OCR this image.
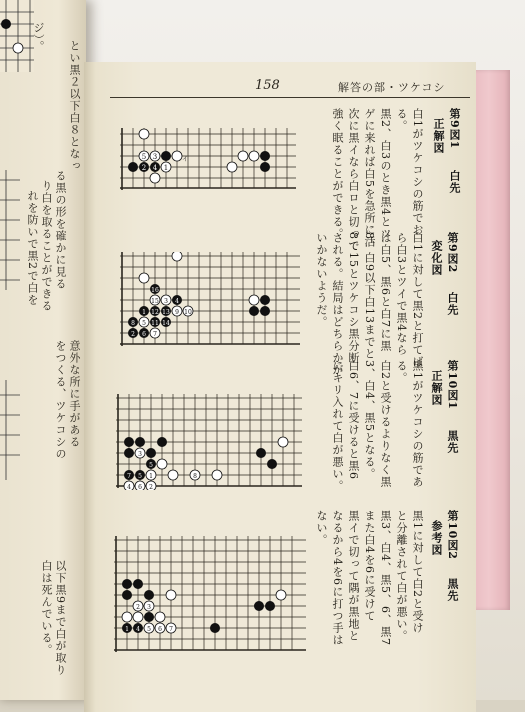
ジ）。
とい黒２以下白８となっ
意外な所に手がある
をつくる、ツケコシの
り白を取ることができる る黒の形を確かに見る
れを防いで黒2で白を
白は死んでいる。 以下黒9まで白が取り
158	解答の部・ツケコシ
5 3
1
4
2
イ
16
15 3 4
1 12 13 9 10
8 5 11 14
2 6 7
3
5
7 5 1
6
4	2
8
2 3
1 4 5 6 7
第9図1
白先
正解図
白1がツケコシの筋でお
る。
黒2、白3のとき黒4とツ
ゲに来れば白5を急所に活
次に黒イなら白ロと切って
強く眠ることができる。
第9図2
白先
変化図
白1に対して黒2と打てば
ら白3とツイで黒4なら
は白5、黒6と白7に黒
8、白9以下白13までと
8で15とツケコシ黒分断
される。結局はどちらかが
いかないようだ。
第10図1
黒先
正解図
黒1がツケコシの筋であ
る。
白2と受けるよりなく黒
3、白4、黒5となる。
白6、7に受けると黒6
にキリ入れて白が悪い。
第10図2
黒先
参考図
黒1に対して白2と受け
と分離されて白が悪い。
黒3、白4、黒5、6、黒7
また白4を6に受けて
黒イで切って隅が黒地と
なるから4を6に打つ手は
ない。
